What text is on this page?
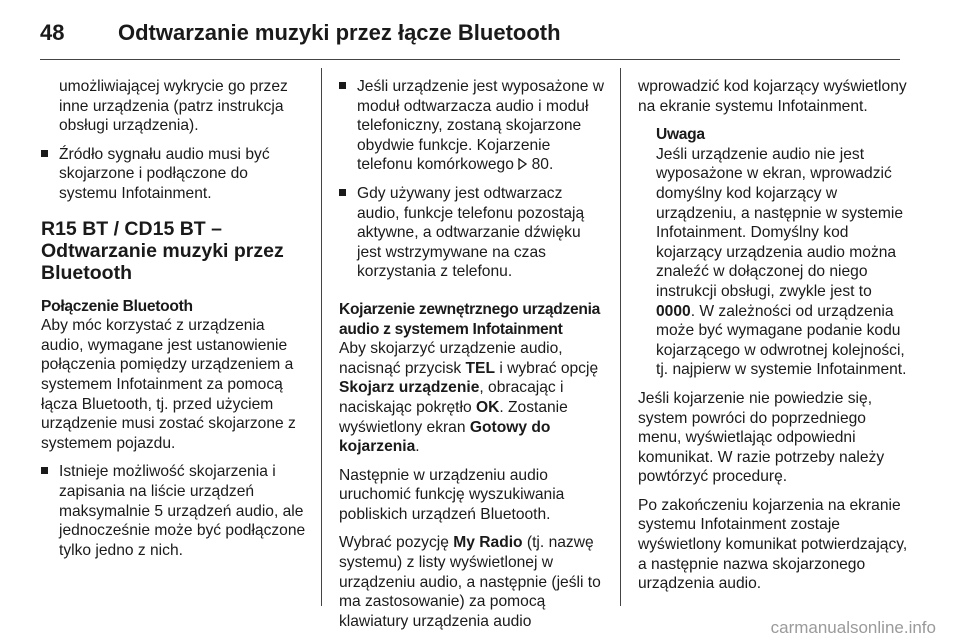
48 Odtwarzanie muzyki przez łącze Bluetooth

umożliwiającej wykrycie go przez inne urządzenia (patrz instrukcja obsługi urządzenia).

Źródło sygnału audio musi być skojarzone i podłączone do systemu Infotainment.

R15 BT / CD15 BT – Odtwarzanie muzyki przez Bluetooth

Połączenie Bluetooth

Aby móc korzystać z urządzenia audio, wymagane jest ustanowienie połączenia pomiędzy urządzeniem a systemem Infotainment za pomocą łącza Bluetooth, tj. przed użyciem urządzenie musi zostać skojarzone z systemem pojazdu.

Istnieje możliwość skojarzenia i zapisania na liście urządzeń maksymalnie 5 urządzeń audio, ale jednocześnie może być podłączone tylko jedno z nich.

Jeśli urządzenie jest wyposażone w moduł odtwarzacza audio i moduł telefoniczny, zostaną skojarzone obydwie funkcje. Kojarzenie telefonu komórkowego 80.

Gdy używany jest odtwarzacz audio, funkcje telefonu pozostają aktywne, a odtwarzanie dźwięku jest wstrzymywane na czas korzystania z telefonu.

Kojarzenie zewnętrznego urządzenia audio z systemem Infotainment

Aby skojarzyć urządzenie audio, nacisnąć przycisk TEL i wybrać opcję Skojarz urządzenie, obracając i naciskając pokrętło OK. Zostanie wyświetlony ekran Gotowy do kojarzenia.

Następnie w urządzeniu audio uruchomić funkcję wyszukiwania pobliskich urządzeń Bluetooth.

Wybrać pozycję My Radio (tj. nazwę systemu) z listy wyświetlonej w urządzeniu audio, a następnie (jeśli to ma zastosowanie) za pomocą klawiatury urządzenia audio

wprowadzić kod kojarzący wyświetlony na ekranie systemu Infotainment.

Uwaga

Jeśli urządzenie audio nie jest wyposażone w ekran, wprowadzić domyślny kod kojarzący w urządzeniu, a następnie w systemie Infotainment. Domyślny kod kojarzący urządzenia audio można znaleźć w dołączonej do niego instrukcji obsługi, zwykle jest to 0000. W zależności od urządzenia może być wymagane podanie kodu kojarzącego w odwrotnej kolejności, tj. najpierw w systemie Infotainment.

Jeśli kojarzenie nie powiedzie się, system powróci do poprzedniego menu, wyświetlając odpowiedni komunikat. W razie potrzeby należy powtórzyć procedurę.

Po zakończeniu kojarzenia na ekranie systemu Infotainment zostaje wyświetlony komunikat potwierdzający, a następnie nazwa skojarzonego urządzenia audio.

carmanualsonline.info
